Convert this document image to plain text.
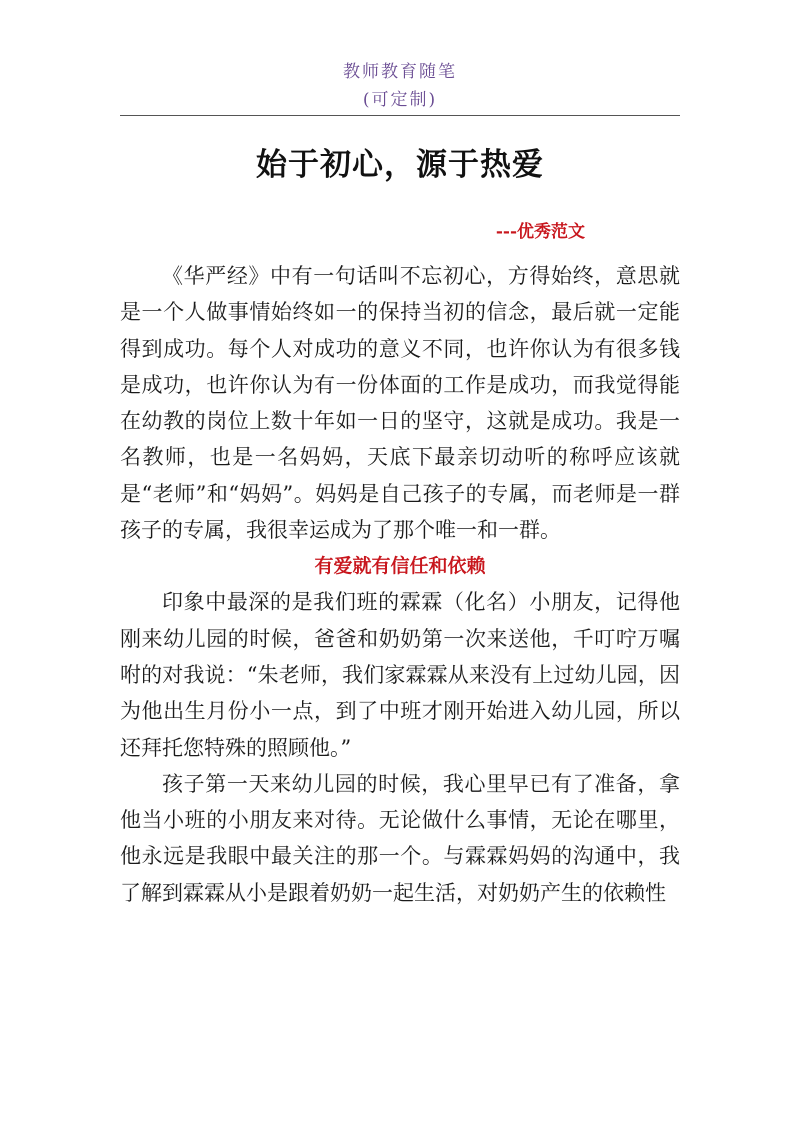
教师教育随笔
(可定制)
始于初心，源于热爱
---优秀范文

《华严经》中有一句话叫不忘初心，方得始终，意思就是一个人做事情始终如一的保持当初的信念，最后就一定能得到成功。每个人对成功的意义不同，也许你认为有很多钱是成功，也许你认为有一份体面的工作是成功，而我觉得能在幼教的岗位上数十年如一日的坚守，这就是成功。我是一名教师，也是一名妈妈，天底下最亲切动听的称呼应该就是“老师”和“妈妈”。妈妈是自己孩子的专属，而老师是一群孩子的专属，我很幸运成为了那个唯一和一群。

有爱就有信任和依赖

印象中最深的是我们班的霖霖（化名）小朋友，记得他刚来幼儿园的时候，爸爸和奶奶第一次来送他，千叮咛万嘱咐的对我说：“朱老师，我们家霖霖从来没有上过幼儿园，因为他出生月份小一点，到了中班才刚开始进入幼儿园，所以还拜托您特殊的照顾他。”

孩子第一天来幼儿园的时候，我心里早已有了准备，拿他当小班的小朋友来对待。无论做什么事情，无论在哪里，他永远是我眼中最关注的那一个。与霖霖妈妈的沟通中，我了解到霖霖从小是跟着奶奶一起生活，对奶奶产生的依赖性
